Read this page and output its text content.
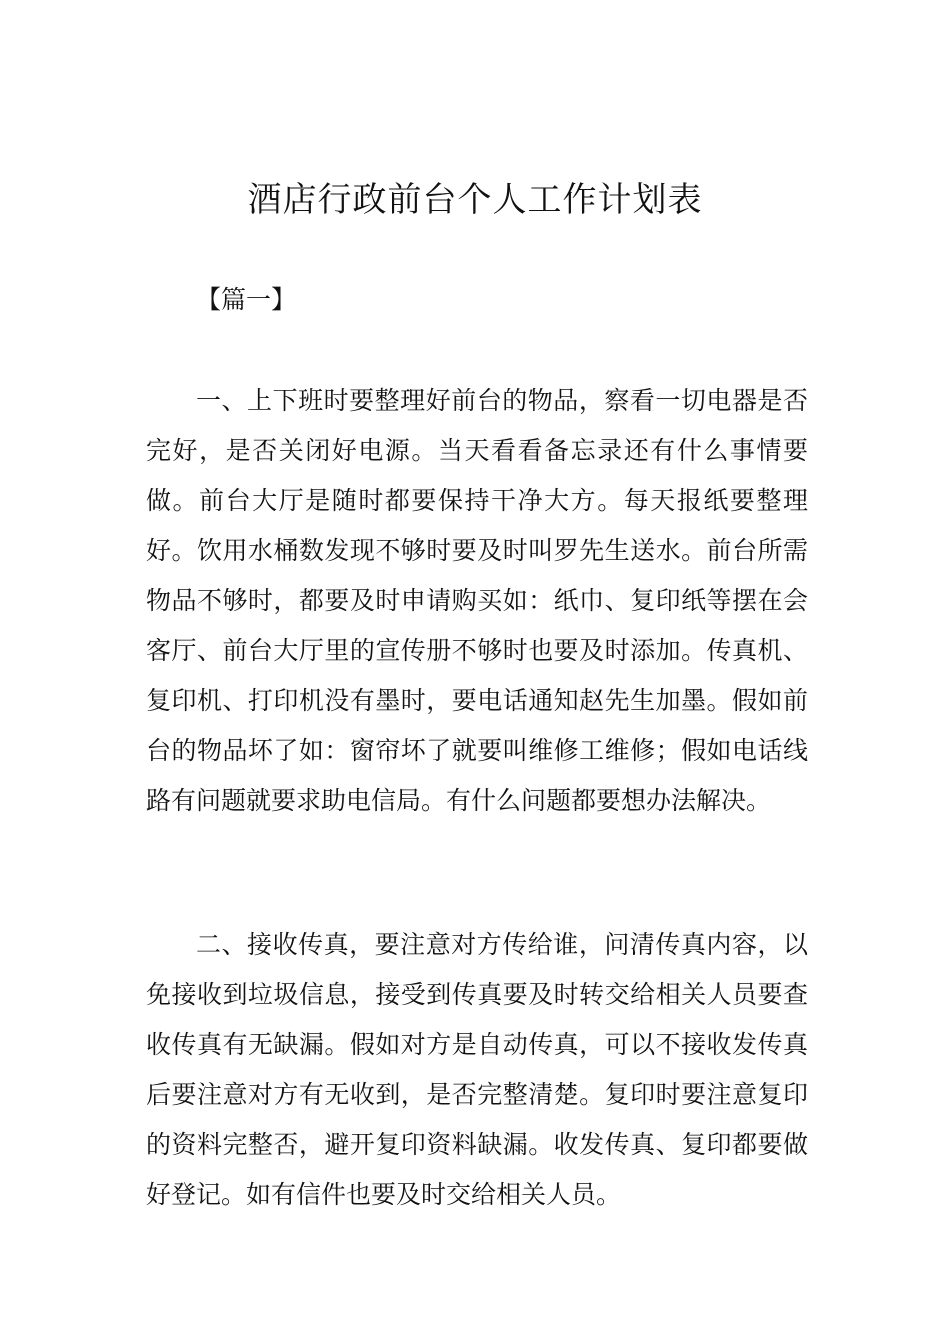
酒店行政前台个人工作计划表

【篇一】

一、上下班时要整理好前台的物品，察看一切电器是否完好，是否关闭好电源。当天看看备忘录还有什么事情要做。前台大厅是随时都要保持干净大方。每天报纸要整理好。饮用水桶数发现不够时要及时叫罗先生送水。前台所需物品不够时，都要及时申请购买如：纸巾、复印纸等摆在会客厅、前台大厅里的宣传册不够时也要及时添加。传真机、复印机、打印机没有墨时，要电话通知赵先生加墨。假如前台的物品坏了如：窗帘坏了就要叫维修工维修；假如电话线路有问题就要求助电信局。有什么问题都要想办法解决。

二、接收传真，要注意对方传给谁，问清传真内容，以免接收到垃圾信息，接受到传真要及时转交给相关人员要查收传真有无缺漏。假如对方是自动传真，可以不接收发传真后要注意对方有无收到，是否完整清楚。复印时要注意复印的资料完整否，避开复印资料缺漏。收发传真、复印都要做好登记。如有信件也要及时交给相关人员。
